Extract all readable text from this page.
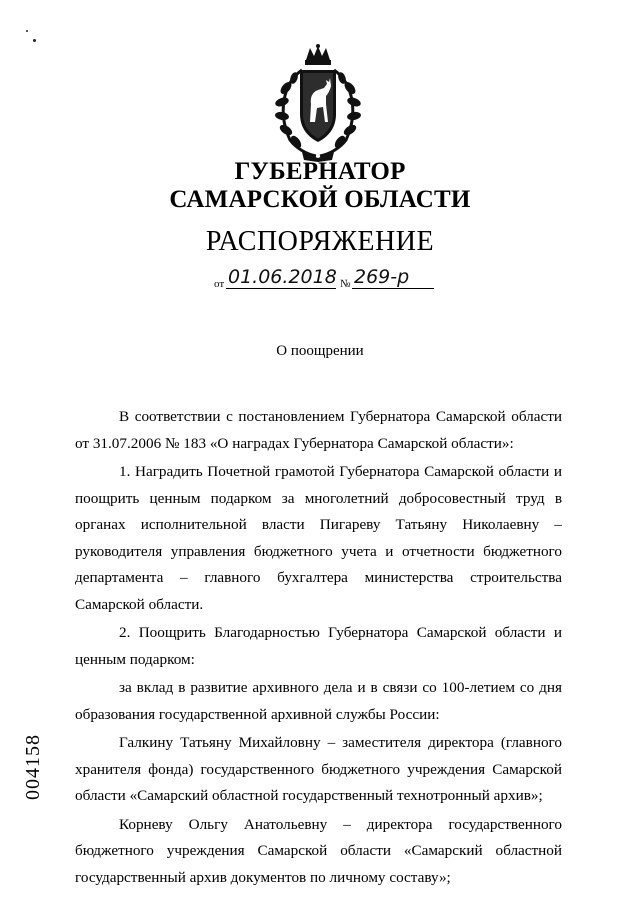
ГУБЕРНАТОР
САМАРСКОЙ ОБЛАСТИ
РАСПОРЯЖЕНИЕ
от 01.06.2018 № 269-р
О поощрении

В соответствии с постановлением Губернатора Самарской области от 31.07.2006 № 183 «О наградах Губернатора Самарской области»:

1. Наградить Почетной грамотой Губернатора Самарской области и поощрить ценным подарком за многолетний добросовестный труд в органах исполнительной власти Пигареву Татьяну Николаевну – руководителя управления бюджетного учета и отчетности бюджетного департамента – главного бухгалтера министерства строительства Самарской области.

2. Поощрить Благодарностью Губернатора Самарской области и ценным подарком:

за вклад в развитие архивного дела и в связи со 100-летием со дня образования государственной архивной службы России:

Галкину Татьяну Михайловну – заместителя директора (главного хранителя фонда) государственного бюджетного учреждения Самарской области «Самарский областной государственный технотронный архив»;

Корневу Ольгу Анатольевну – директора государственного бюджетного учреждения Самарской области «Самарский областной государственный архив документов по личному составу»;

004158
